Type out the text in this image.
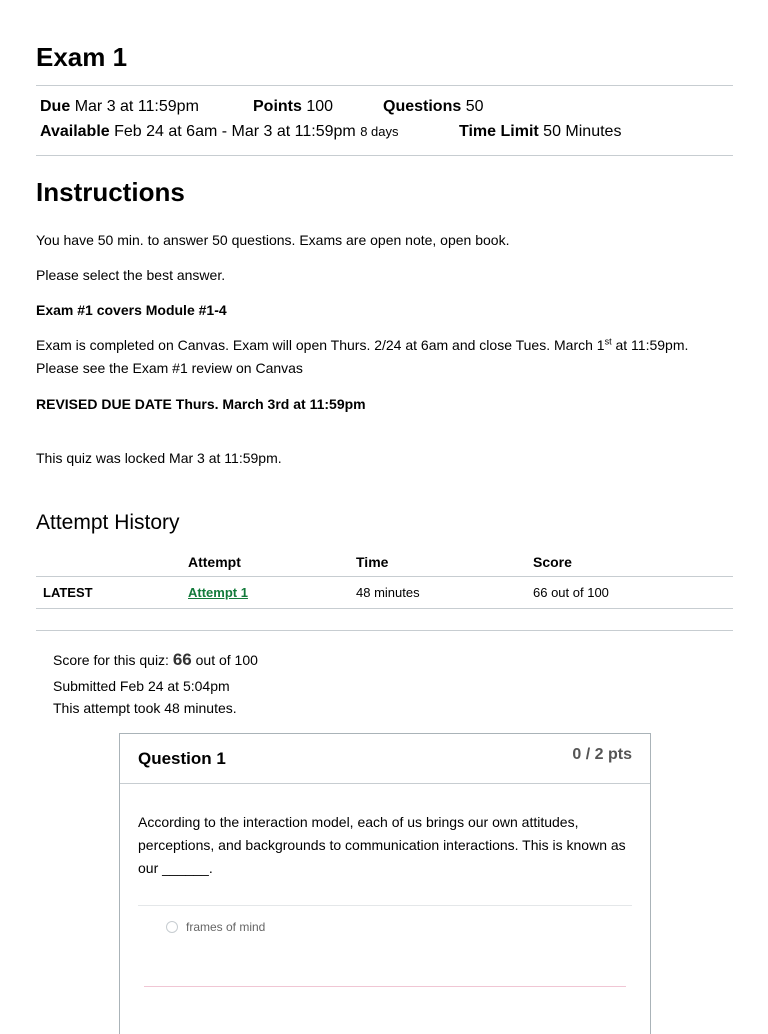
Exam 1
Due Mar 3 at 11:59pm	Points 100	Questions 50
Available Feb 24 at 6am - Mar 3 at 11:59pm 8 days	Time Limit 50 Minutes
Instructions
You have 50 min. to answer 50 questions. Exams are open note, open book.
Please select the best answer.
Exam #1 covers Module #1-4
Exam is completed on Canvas. Exam will open Thurs. 2/24 at 6am and close Tues. March 1st at 11:59pm. Please see the Exam #1 review on Canvas
REVISED DUE DATE Thurs. March 3rd at 11:59pm
This quiz was locked Mar 3 at 11:59pm.
Attempt History
	Attempt	Time	Score
LATEST	Attempt 1	48 minutes	66 out of 100
Score for this quiz: 66 out of 100
Submitted Feb 24 at 5:04pm
This attempt took 48 minutes.
Question 1	0 / 2 pts
According to the interaction model, each of us brings our own attitudes, perceptions, and backgrounds to communication interactions. This is known as our ______.
frames of mind
